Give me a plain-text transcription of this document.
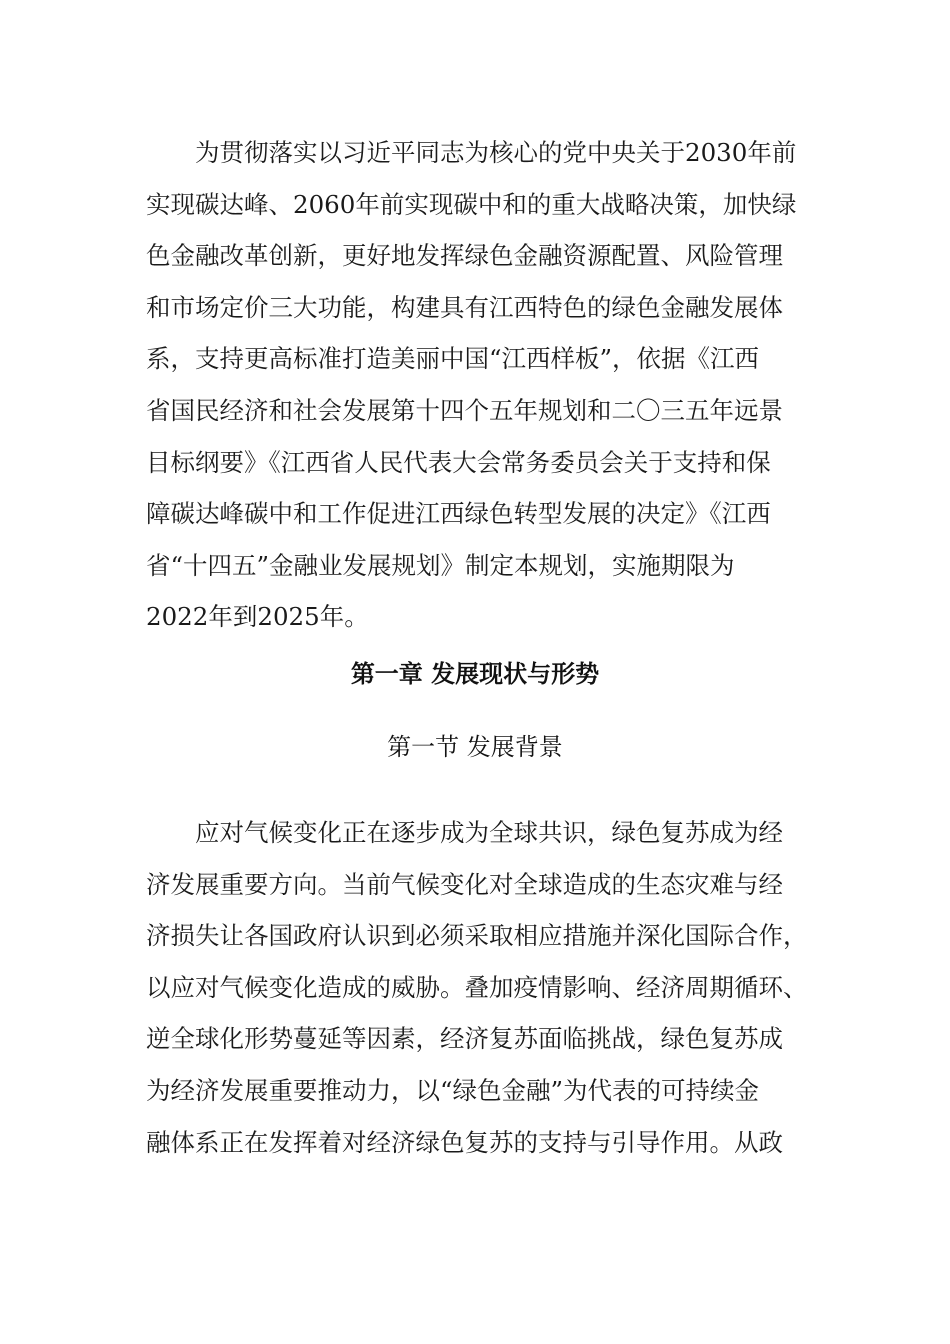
为贯彻落实以习近平同志为核心的党中央关于2030年前
实现碳达峰、2060年前实现碳中和的重大战略决策，加快绿
色金融改革创新，更好地发挥绿色金融资源配置、风险管理
和市场定价三大功能，构建具有江西特色的绿色金融发展体
系，支持更高标准打造美丽中国“江西样板”，依据《江西
省国民经济和社会发展第十四个五年规划和二〇三五年远景
目标纲要》《江西省人民代表大会常务委员会关于支持和保
障碳达峰碳中和工作促进江西绿色转型发展的决定》《江西
省“十四五”金融业发展规划》制定本规划，实施期限为
2022年到2025年。

第一章 发展现状与形势
第一节 发展背景

应对气候变化正在逐步成为全球共识，绿色复苏成为经
济发展重要方向。当前气候变化对全球造成的生态灾难与经
济损失让各国政府认识到必须采取相应措施并深化国际合作，
以应对气候变化造成的威胁。叠加疫情影响、经济周期循环、
逆全球化形势蔓延等因素，经济复苏面临挑战，绿色复苏成
为经济发展重要推动力，以“绿色金融”为代表的可持续金
融体系正在发挥着对经济绿色复苏的支持与引导作用。从政
